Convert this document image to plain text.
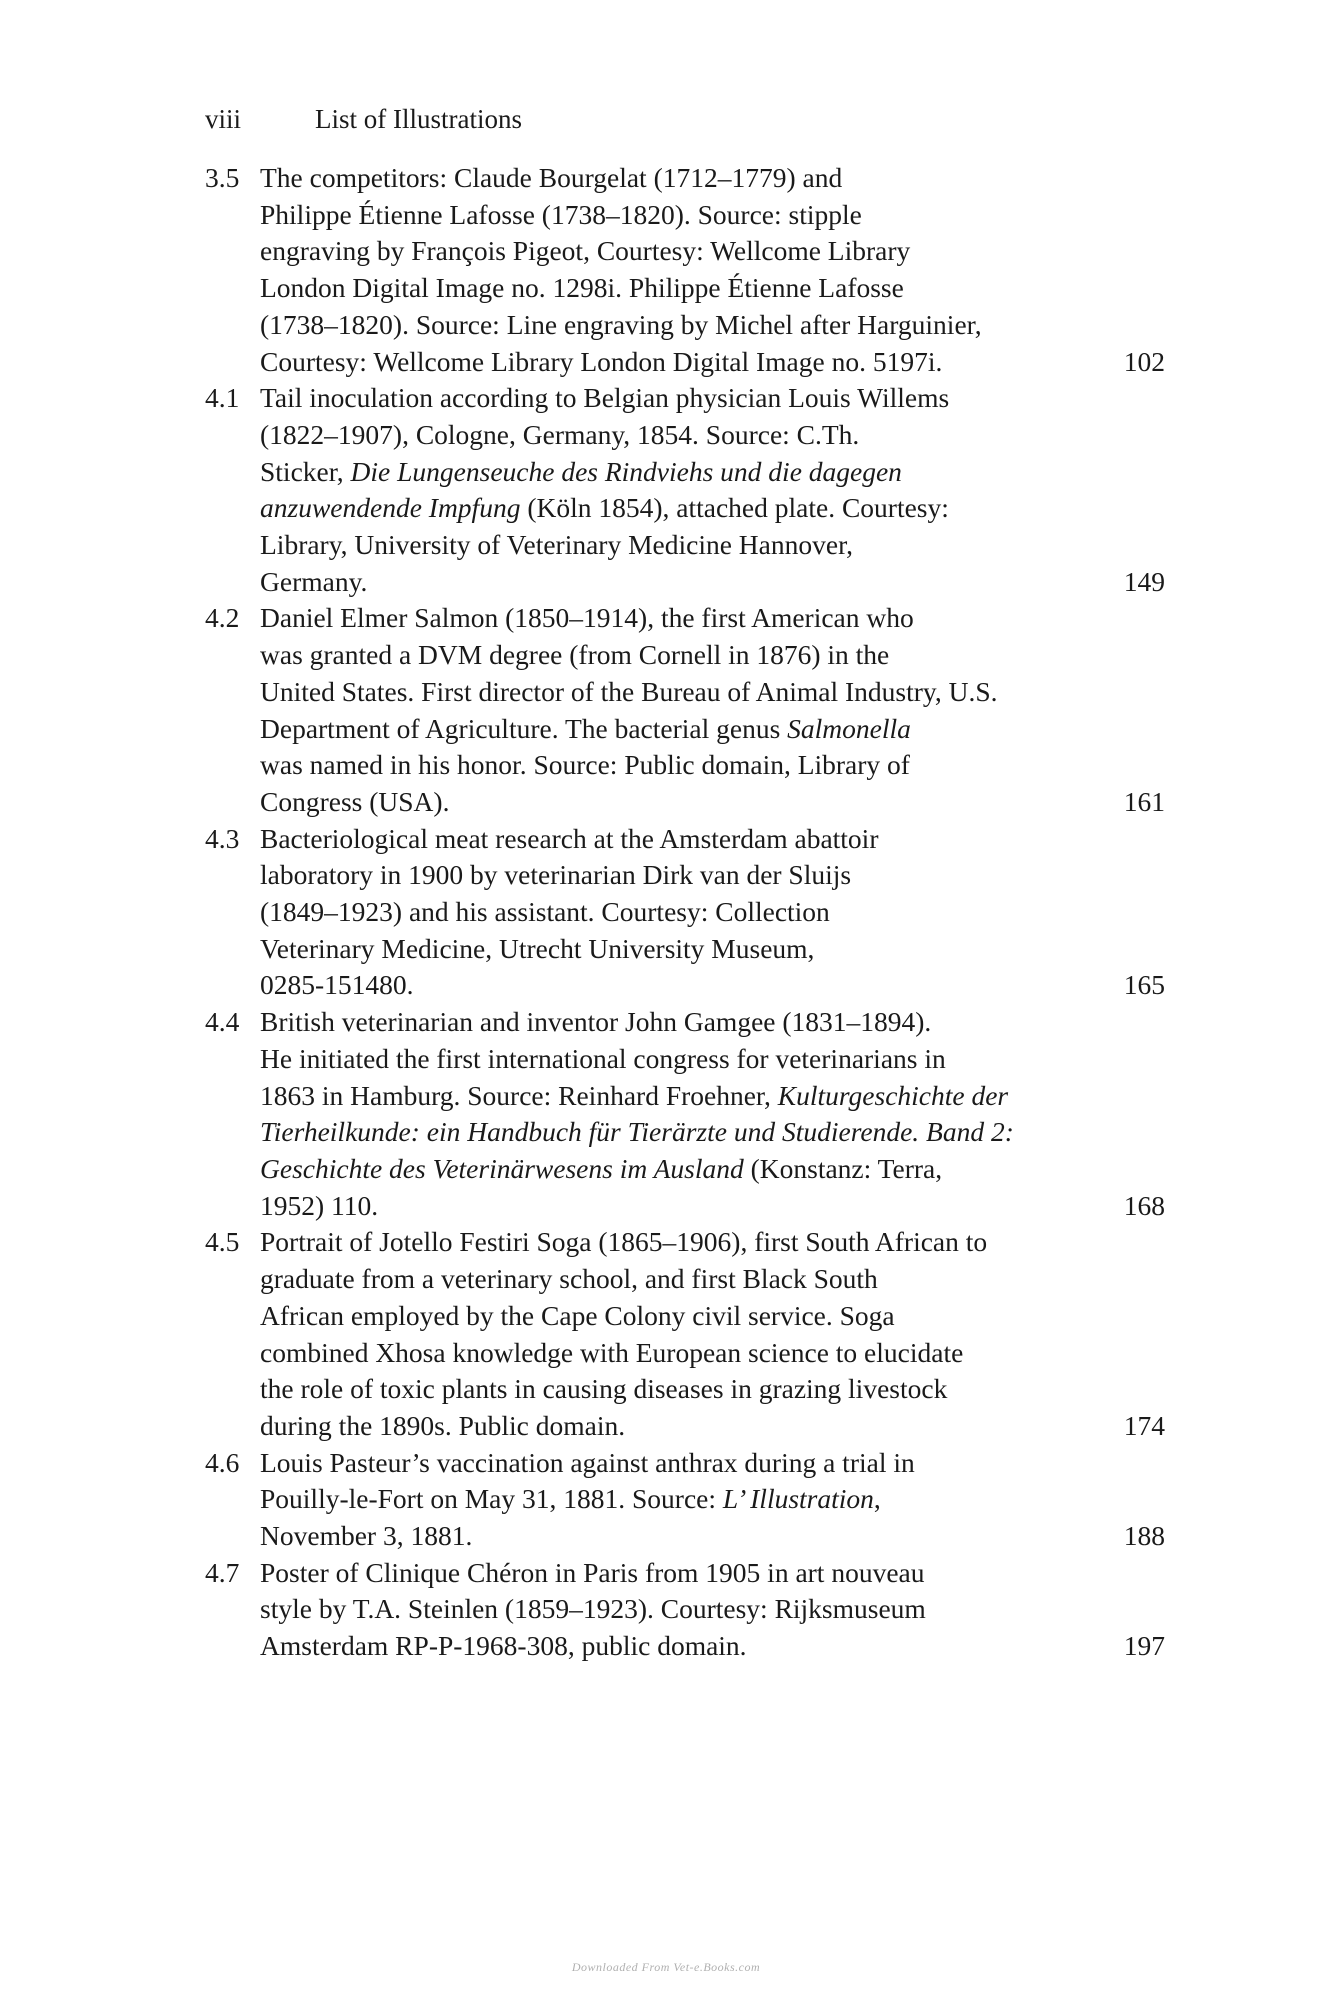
viii	List of Illustrations
3.5 The competitors: Claude Bourgelat (1712–1779) and
Philippe Étienne Lafosse (1738–1820). Source: stipple
engraving by François Pigeot, Courtesy: Wellcome Library
London Digital Image no. 1298i. Philippe Étienne Lafosse
(1738–1820). Source: Line engraving by Michel after Harguinier,
Courtesy: Wellcome Library London Digital Image no. 5197i.	102
4.1 Tail inoculation according to Belgian physician Louis Willems
(1822–1907), Cologne, Germany, 1854. Source: C.Th.
Sticker, Die Lungenseuche des Rindviehs und die dagegen
anzuwendende Impfung (Köln 1854), attached plate. Courtesy:
Library, University of Veterinary Medicine Hannover,
Germany.	149
4.2 Daniel Elmer Salmon (1850–1914), the first American who
was granted a DVM degree (from Cornell in 1876) in the
United States. First director of the Bureau of Animal Industry, U.S.
Department of Agriculture. The bacterial genus Salmonella
was named in his honor. Source: Public domain, Library of
Congress (USA).	161
4.3 Bacteriological meat research at the Amsterdam abattoir
laboratory in 1900 by veterinarian Dirk van der Sluijs
(1849–1923) and his assistant. Courtesy: Collection
Veterinary Medicine, Utrecht University Museum,
0285-151480.	165
4.4 British veterinarian and inventor John Gamgee (1831–1894).
He initiated the first international congress for veterinarians in
1863 in Hamburg. Source: Reinhard Froehner, Kulturgeschichte der
Tierheilkunde: ein Handbuch für Tierärzte und Studierende. Band 2:
Geschichte des Veterinärwesens im Ausland (Konstanz: Terra,
1952) 110.	168
4.5 Portrait of Jotello Festiri Soga (1865–1906), first South African to
graduate from a veterinary school, and first Black South
African employed by the Cape Colony civil service. Soga
combined Xhosa knowledge with European science to elucidate
the role of toxic plants in causing diseases in grazing livestock
during the 1890s. Public domain.	174
4.6 Louis Pasteur’s vaccination against anthrax during a trial in
Pouilly-le-Fort on May 31, 1881. Source: L’ Illustration,
November 3, 1881.	188
4.7 Poster of Clinique Chéron in Paris from 1905 in art nouveau
style by T.A. Steinlen (1859–1923). Courtesy: Rijksmuseum
Amsterdam RP-P-1968-308, public domain.	197
Downloaded From Vet-e.Books.com
